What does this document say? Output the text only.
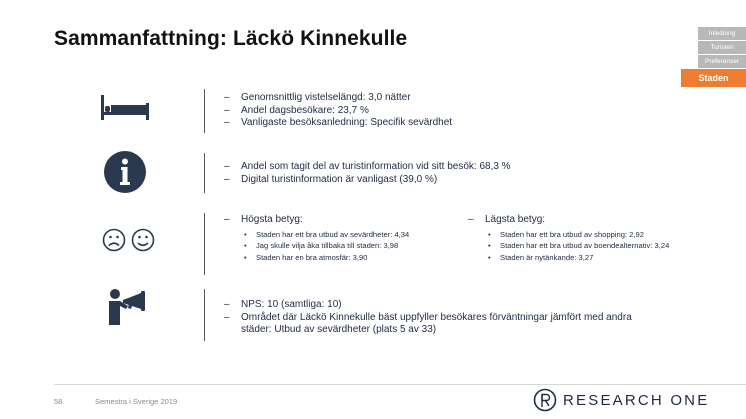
Sammanfattning: Läckö Kinnekulle	Inledning
Turisten
Preferenser
Staden
– Genomsnittlig vistelselängd: 3,0 nätter
– Andel dagsbesökare: 23,7 %
– Vanligaste besöksanledning: Specifik sevärdhet
– Andel som tagit del av turistinformation vid sitt besök: 68,3 %
– Digital turistinformation är vanligast (39,0 %)
– Högsta betyg:
• Staden har ett bra utbud av sevärdheter: 4,34
• Jag skulle vilja åka tillbaka till staden: 3,98
• Staden har en bra atmosfär: 3,90
– Lägsta betyg:
• Staden har ett bra utbud av shopping: 2,92
• Staden har ett bra utbud av boendealternativ: 3,24
• Staden är nytänkande: 3,27
– NPS: 10 (samtliga: 10)
– Området där Läckö Kinnekulle bäst uppfyller besökares förväntningar jämfört med andra städer: Utbud av sevärdheter (plats 5 av 33)
58	Semestra i Sverige 2019	RESEARCH ONE
